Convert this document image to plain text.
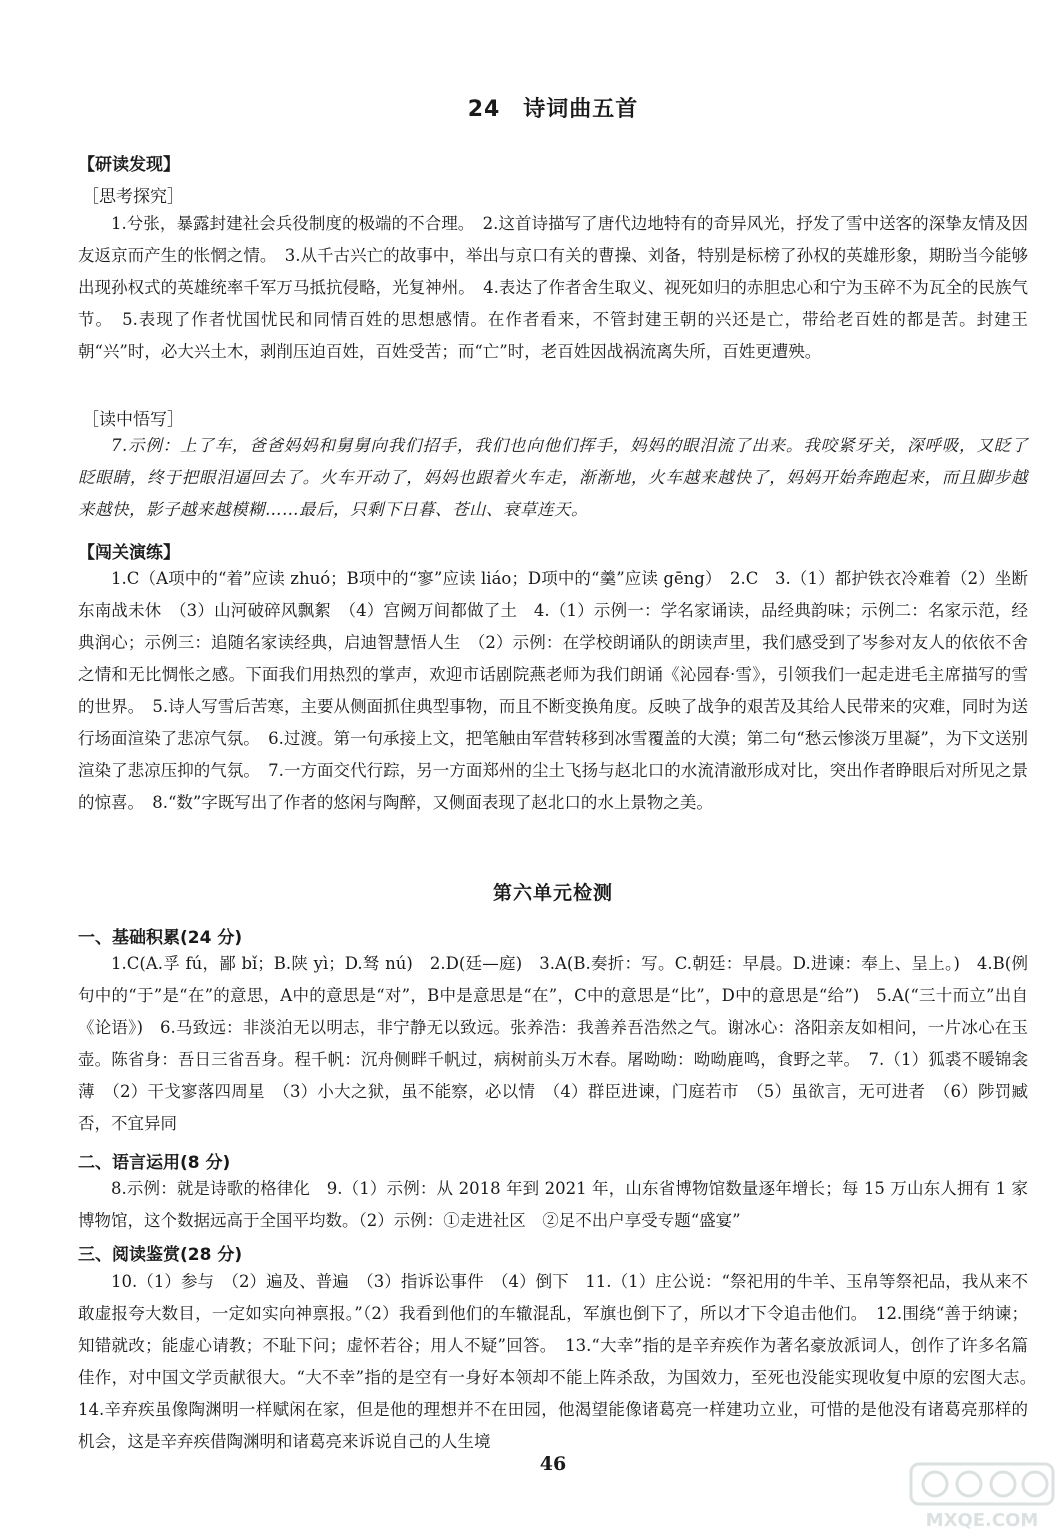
24　诗词曲五首
【研读发现】
［思考探究］
1.兮张，暴露封建社会兵役制度的极端的不合理。　2.这首诗描写了唐代边地特有的奇异风光，抒发了雪中送客的深挚友情及因友返京而产生的怅惘之情。　3.从千古兴亡的故事中，举出与京口有关的曹操、刘备，特别是标榜了孙权的英雄形象，期盼当今能够出现孙权式的英雄统率千军万马抵抗侵略，光复神州。　4.表达了作者舍生取义、视死如归的赤胆忠心和宁为玉碎不为瓦全的民族气节。　5.表现了作者忧国忧民和同情百姓的思想感情。在作者看来，不管封建王朝的兴还是亡，带给老百姓的都是苦。封建王朝“兴”时，必大兴土木，剥削压迫百姓，百姓受苦；而“亡”时，老百姓因战祸流离失所，百姓更遭殃。
［读中悟写］
7.示例：上了车，爸爸妈妈和舅舅向我们招手，我们也向他们挥手，妈妈的眼泪流了出来。我咬紧牙关，深呼吸，又眨了眨眼睛，终于把眼泪逼回去了。火车开动了，妈妈也跟着火车走，渐渐地，火车越来越快了，妈妈开始奔跑起来，而且脚步越来越快，影子越来越模糊……最后，只剩下日暮、苍山、衰草连天。
【闯关演练】
1.C（A项中的“着”应读 zhuó；B项中的“寥”应读 liáo；D项中的“羹”应读 gēng）　2.C　3.（1）都护铁衣冷难着（2）坐断东南战未休　（3）山河破碎风飘絮　（4）宫阙万间都做了土　4.（1）示例一：学名家诵读，品经典韵味；示例二：名家示范，经典润心；示例三：追随名家读经典，启迪智慧悟人生　（2）示例：在学校朗诵队的朗读声里，我们感受到了岑参对友人的依依不舍之情和无比惆怅之感。下面我们用热烈的掌声，欢迎市话剧院燕老师为我们朗诵《沁园春·雪》，引领我们一起走进毛主席描写的雪的世界。　5.诗人写雪后苦寒，主要从侧面抓住典型事物，而且不断变换角度。反映了战争的艰苦及其给人民带来的灾难，同时为送行场面渲染了悲凉气氛。　6.过渡。第一句承接上文，把笔触由军营转移到冰雪覆盖的大漠；第二句“愁云惨淡万里凝”，为下文送别渲染了悲凉压抑的气氛。　7.一方面交代行踪，另一方面郑州的尘土飞扬与赵北口的水流清澈形成对比，突出作者睁眼后对所见之景的惊喜。　8.“数”字既写出了作者的悠闲与陶醉，又侧面表现了赵北口的水上景物之美。
第六单元检测
一、基础积累(24 分)
1.C(A.孚 fú，鄙 bǐ；B.陕 yì；D.驽 nú)　2.D(廷—庭)　3.A(B.奏折：写。C.朝廷：早晨。D.进谏：奉上、呈上。)　4.B(例句中的“于”是“在”的意思，A中的意思是“对”，B中是意思是“在”，C中的意思是“比”，D中的意思是“给”)　5.A(“三十而立”出自《论语》)　6.马致远：非淡泊无以明志，非宁静无以致远。张养浩：我善养吾浩然之气。谢冰心：洛阳亲友如相问，一片冰心在玉壶。陈省身：吾日三省吾身。程千帆：沉舟侧畔千帆过，病树前头万木春。屠呦呦：呦呦鹿鸣，食野之苹。　7.（1）狐裘不暖锦衾薄　（2）干戈寥落四周星　（3）小大之狱，虽不能察，必以情　（4）群臣进谏，门庭若市　（5）虽欲言，无可进者　（6）陟罚臧否，不宜异同
二、语言运用(8 分)
8.示例：就是诗歌的格律化　9.（1）示例：从 2018 年到 2021 年，山东省博物馆数量逐年增长；每 15 万山东人拥有 1 家博物馆，这个数据远高于全国平均数。（2）示例：①走进社区　②足不出户享受专题“盛宴”
三、阅读鉴赏(28 分)
10.（1）参与　（2）遍及、普遍　（3）指诉讼事件　（4）倒下　11.（1）庄公说：“祭祀用的牛羊、玉帛等祭祀品，我从来不敢虚报夸大数目，一定如实向神禀报。”（2）我看到他们的车辙混乱，军旗也倒下了，所以才下令追击他们。　12.围绕“善于纳谏；知错就改；能虚心请教；不耻下问；虚怀若谷；用人不疑”回答。　13.“大幸”指的是辛弃疾作为著名豪放派词人，创作了许多名篇佳作，对中国文学贡献很大。“大不幸”指的是空有一身好本领却不能上阵杀敌，为国效力，至死也没能实现收复中原的宏图大志。　14.辛弃疾虽像陶渊明一样赋闲在家，但是他的理想并不在田园，他渴望能像诸葛亮一样建功立业，可惜的是他没有诸葛亮那样的机会，这是辛弃疾借陶渊明和诸葛亮来诉说自己的人生境
46
MXQE.COM
